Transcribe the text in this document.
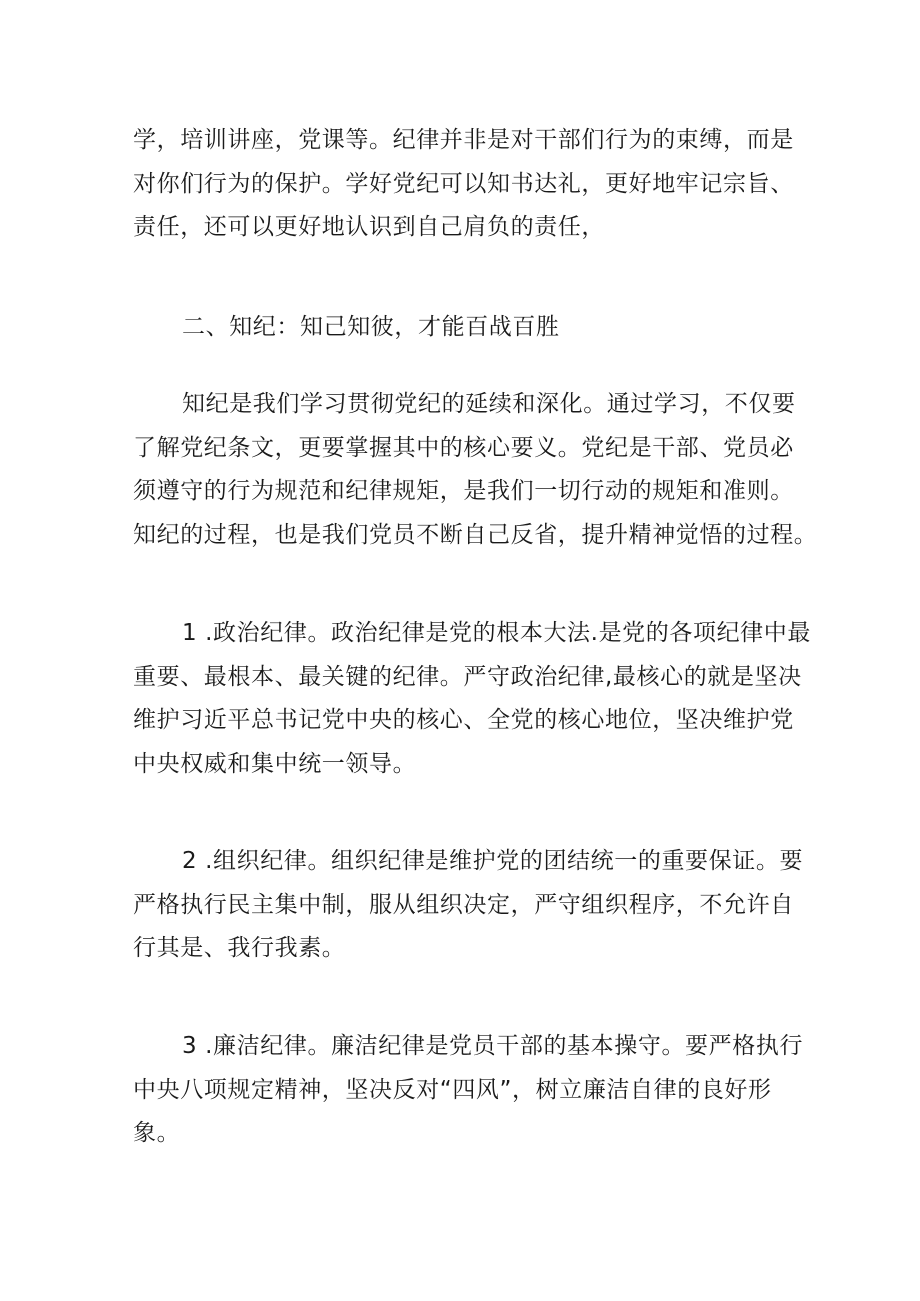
学，培训讲座，党课等。纪律并非是对干部们行为的束缚，而是
对你们行为的保护。学好党纪可以知书达礼，更好地牢记宗旨、
责任，还可以更好地认识到自己肩负的责任，
二、知纪：知己知彼，才能百战百胜
知纪是我们学习贯彻党纪的延续和深化。通过学习，不仅要
了解党纪条文，更要掌握其中的核心要义。党纪是干部、党员必
须遵守的行为规范和纪律规矩，是我们一切行动的规矩和准则。
知纪的过程，也是我们党员不断自己反省，提升精神觉悟的过程。
1 .政治纪律。政治纪律是党的根本大法.是党的各项纪律中最
重要、最根本、最关键的纪律。严守政治纪律,最核心的就是坚决
维护习近平总书记党中央的核心、全党的核心地位，坚决维护党
中央权威和集中统一领导。
2 .组织纪律。组织纪律是维护党的团结统一的重要保证。要
严格执行民主集中制，服从组织决定，严守组织程序，不允许自
行其是、我行我素。
3 .廉洁纪律。廉洁纪律是党员干部的基本操守。要严格执行
中央八项规定精神，坚决反对“四风”，树立廉洁自律的良好形
象。
